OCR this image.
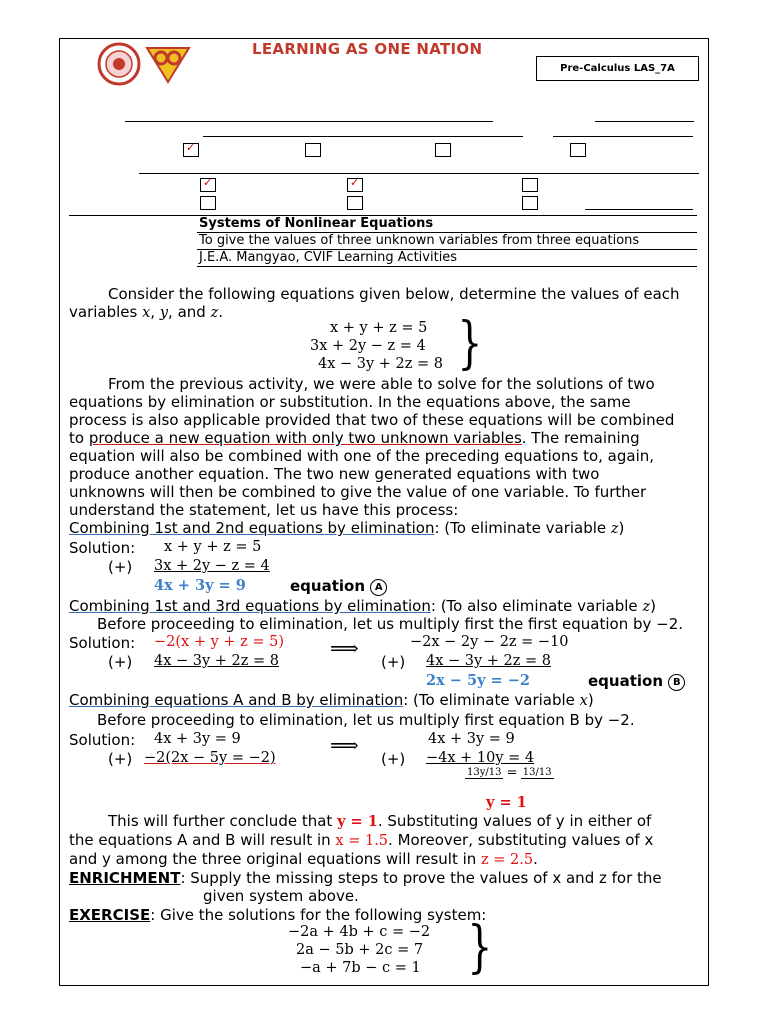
LEARNING AS ONE NATION
Pre-Calculus LAS_7A
✓
✓
✓
Systems of Nonlinear Equations
To give the values of three unknown variables from three equations
J.E.A. Mangyao, CVIF Learning Activities
Consider the following equations given below, determine the values of each
variables x, y, and z.
x + y + z = 5
3x + 2y − z = 4
4x − 3y + 2z = 8 }
From the previous activity, we were able to solve for the solutions of two
equations by elimination or substitution. In the equations above, the same
process is also applicable provided that two of these equations will be combined
to produce a new equation with only two unknown variables. The remaining
equation will also be combined with one of the preceding equations to, again,
produce another equation. The two new generated equations with two
unknowns will then be combined to give the value of one variable. To further
understand the statement, let us have this process:
Combining 1st and 2nd equations by elimination: (To eliminate variable z)
Solution: x + y + z = 5
(+) 3x + 2y − z = 4
4x + 3y = 9	equation A
Combining 1st and 3rd equations by elimination: (To also eliminate variable z)
Before proceeding to elimination, let us multiply first the first equation by −2.
Solution: −2(x + y + z = 5) ⟹	−2x − 2y − 2z = −10
(+) 4x − 3y + 2z = 8	(+) 4x − 3y + 2z = 8
2x − 5y = −2	equation B
Combining equations A and B by elimination: (To eliminate variable x)
Before proceeding to elimination, let us multiply first equation B by −2.
Solution: 4x + 3y = 9	⟹	4x + 3y = 9
(+) −2(2x − 5y = −2)	(+) −4x + 10y = 4
13y/13 = 13/13
y = 1
This will further conclude that y = 1. Substituting values of y in either of
the equations A and B will result in x = 1.5. Moreover, substituting values of x
and y among the three original equations will result in z = 2.5.
ENRICHMENT: Supply the missing steps to prove the values of x and z for the
given system above.
EXERCISE: Give the solutions for the following system:
−2a + 4b + c = −2
2a − 5b + 2c = 7
−a + 7b − c = 1 }
